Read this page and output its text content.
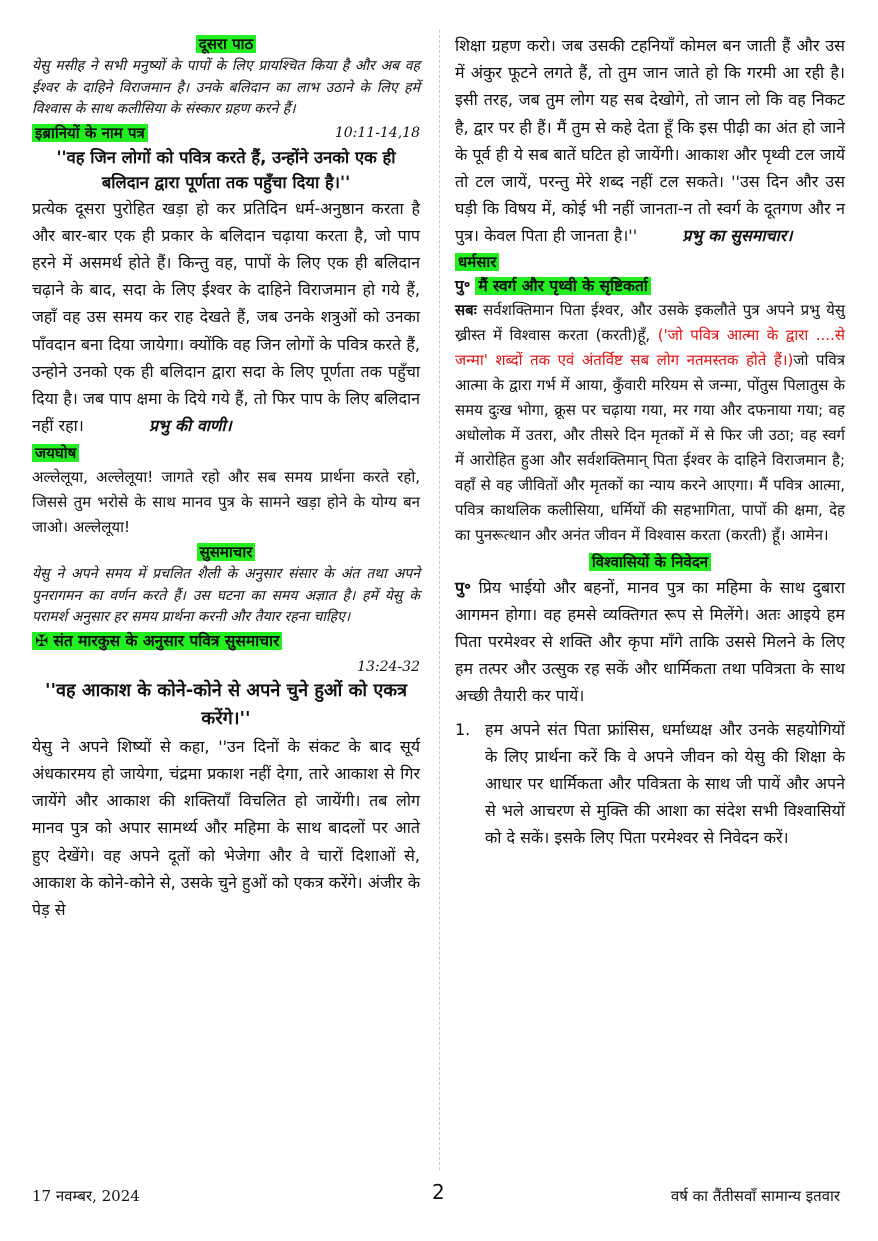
दूसरा पाठ

येसु मसीह ने सभी मनुष्यों के पापों के लिए प्रायश्चित किया है और अब वह ईश्वर के दाहिने विराजमान है। उनके बलिदान का लाभ उठाने के लिए हमें विश्वास के साथ कलीसिया के संस्कार ग्रहण करने हैं।

इब्रानियों के नाम पत्र	10:11-14,18

''वह जिन लोगों को पवित्र करते हैं, उन्होंने उनको एक ही बलिदान द्वारा पूर्णता तक पहुँचा दिया है।''

प्रत्येक दूसरा पुरोहित खड़ा हो कर प्रतिदिन धर्म-अनुष्ठान करता है और बार-बार एक ही प्रकार के बलिदान चढ़ाया करता है, जो पाप हरने में असमर्थ होते हैं। किन्तु वह, पापों के लिए एक ही बलिदान चढ़ाने के बाद, सदा के लिए ईश्वर के दाहिने विराजमान हो गये हैं, जहाँ वह उस समय कर राह देखते हैं, जब उनके शत्रुओं को उनका पाँवदान बना दिया जायेगा। क्योंकि वह जिन लोगों के पवित्र करते हैं, उन्होने उनको एक ही बलिदान द्वारा सदा के लिए पूर्णता तक पहुँचा दिया है। जब पाप क्षमा के दिये गये हैं, तो फिर पाप के लिए बलिदान नहीं रहा।	प्रभु की वाणी।

जयघोष

अल्लेलूया, अल्लेलूया! जागते रहो और सब समय प्रार्थना करते रहो, जिससे तुम भरोसे के साथ मानव पुत्र के सामने खड़ा होने के योग्य बन जाओ। अल्लेलूया!

सुसमाचार

येसु ने अपने समय में प्रचलित शैली के अनुसार संसार के अंत तथा अपने पुनरागमन का वर्णन करते हैं। उस घटना का समय अज्ञात है। हमें येसु के परामर्श अनुसार हर समय प्रार्थना करनी और तैयार रहना चाहिए।

✠ संत मारकुस के अनुसार पवित्र सुसमाचार
13:24-32

''वह आकाश के कोने-कोने से अपने चुने हुओं को एकत्र करेंगे।''

येसु ने अपने शिष्यों से कहा, ''उन दिनों के संकट के बाद सूर्य अंधकारमय हो जायेगा, चंद्रमा प्रकाश नहीं देगा, तारे आकाश से गिर जायेंगे और आकाश की शक्तियाँ विचलित हो जायेंगी। तब लोग मानव पुत्र को अपार सामर्थ्य और महिमा के साथ बादलों पर आते हुए देखेंगे। वह अपने दूतों को भेजेगा और वे चारों दिशाओं से, आकाश के कोने-कोने से, उसके चुने हुओं को एकत्र करेंगे। अंजीर के पेड़ से

शिक्षा ग्रहण करो। जब उसकी टहनियाँ कोमल बन जाती हैं और उस में अंकुर फूटने लगते हैं, तो तुम जान जाते हो कि गरमी आ रही है। इसी तरह, जब तुम लोग यह सब देखोगे, तो जान लो कि वह निकट है, द्वार पर ही हैं। मैं तुम से कहे देता हूँ कि इस पीढ़ी का अंत हो जाने के पूर्व ही ये सब बातें घटित हो जायेंगी। आकाश और पृथ्वी टल जायें तो टल जायें, परन्तु मेरे शब्द नहीं टल सकते। ''उस दिन और उस घड़ी कि विषय में, कोई भी नहीं जानता-न तो स्वर्ग के दूतगण और न पुत्र। केवल पिता ही जानता है।''	प्रभु का सुसमाचार।

धर्मसार
पु॰ मैं स्वर्ग और पृथ्वी के सृष्टिकर्ता

सबः सर्वशक्तिमान पिता ईश्वर, और उसके इकलौते पुत्र अपने प्रभु येसु ख्रीस्त में विश्वास करता (करती)हूँ, ('जो पवित्र आत्मा के द्वारा ....से जन्मा' शब्दों तक एवं अंतर्विष्ट सब लोग नतमस्तक होते हैं।)जो पवित्र आत्मा के द्वारा गर्भ में आया, कुँवारी मरियम से जन्मा, पोंतुस पिलातुस के समय दुःख भोगा, क्रूस पर चढ़ाया गया, मर गया और दफनाया गया; वह अधोलोक में उतरा, और तीसरे दिन मृतकों में से फिर जी उठा; वह स्वर्ग में आरोहित हुआ और सर्वशक्तिमान् पिता ईश्वर के दाहिने विराजमान है; वहाँ से वह जीवितों और मृतकों का न्याय करने आएगा। मैं पवित्र आत्मा, पवित्र काथलिक कलीसिया, धर्मियों की सहभागिता, पापों की क्षमा, देह का पुनरूत्थान और अनंत जीवन में विश्वास करता (करती) हूँ। आमेन।

विश्वासियों के निवेदन

पु॰ प्रिय भाईयो और बहनों, मानव पुत्र का महिमा के साथ दुबारा आगमन होगा। वह हमसे व्यक्तिगत रूप से मिलेंगे। अतः आइये हम पिता परमेश्वर से शक्ति और कृपा माँगे ताकि उससे मिलने के लिए हम तत्पर और उत्सुक रह सकें और धार्मिकता तथा पवित्रता के साथ अच्छी तैयारी कर पायें।

1. हम अपने संत पिता फ्रांसिस, धर्माध्यक्ष और उनके सहयोगियों के लिए प्रार्थना करें कि वे अपने जीवन को येसु की शिक्षा के आधार पर धार्मिकता और पवित्रता के साथ जी पायें और अपने से भले आचरण से मुक्ति की आशा का संदेश सभी विश्वासियों को दे सकें। इसके लिए पिता परमेश्वर से निवेदन करें।
17 नवम्बर, 2024	2	वर्ष का तैंतीसवाँ सामान्य इतवार
